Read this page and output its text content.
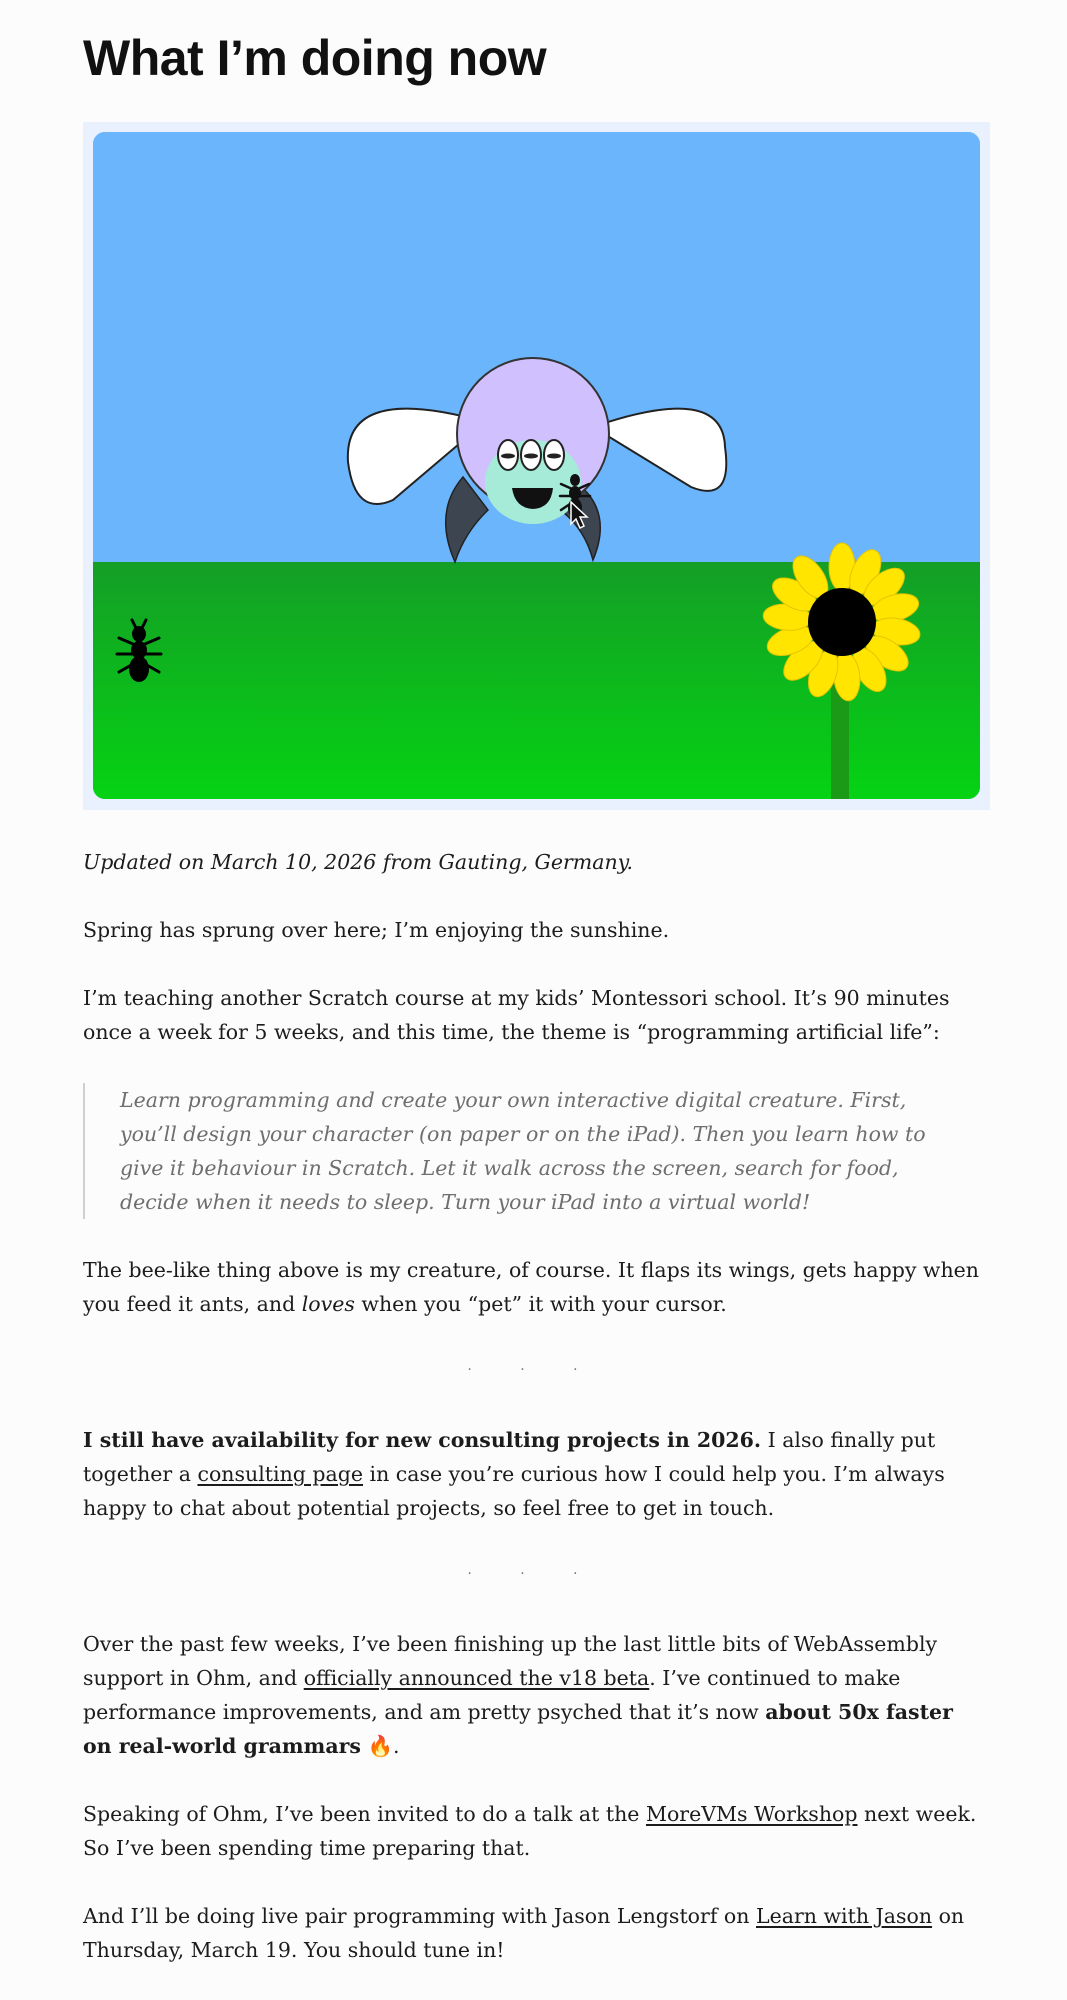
What I’m doing now

Updated on March 10, 2026 from Gauting, Germany.

Spring has sprung over here; I’m enjoying the sunshine.

I’m teaching another Scratch course at my kids’ Montessori school. It’s 90 minutes once a week for 5 weeks, and this time, the theme is “programming artificial life”:

Learn programming and create your own interactive digital creature. First, you’ll design your character (on paper or on the iPad). Then you learn how to give it behaviour in Scratch. Let it walk across the screen, search for food, decide when it needs to sleep. Turn your iPad into a virtual world!

The bee-like thing above is my creature, of course. It flaps its wings, gets happy when you feed it ants, and loves when you “pet” it with your cursor.

· · ·

I still have availability for new consulting projects in 2026. I also finally put together a consulting page in case you’re curious how I could help you. I’m always happy to chat about potential projects, so feel free to get in touch.

· · ·

Over the past few weeks, I’ve been finishing up the last little bits of WebAssembly support in Ohm, and officially announced the v18 beta. I’ve continued to make performance improvements, and am pretty psyched that it’s now about 50x faster on real-world grammars 🔥.

Speaking of Ohm, I’ve been invited to do a talk at the MoreVMs Workshop next week. So I’ve been spending time preparing that.

And I’ll be doing live pair programming with Jason Lengstorf on Learn with Jason on Thursday, March 19. You should tune in!
